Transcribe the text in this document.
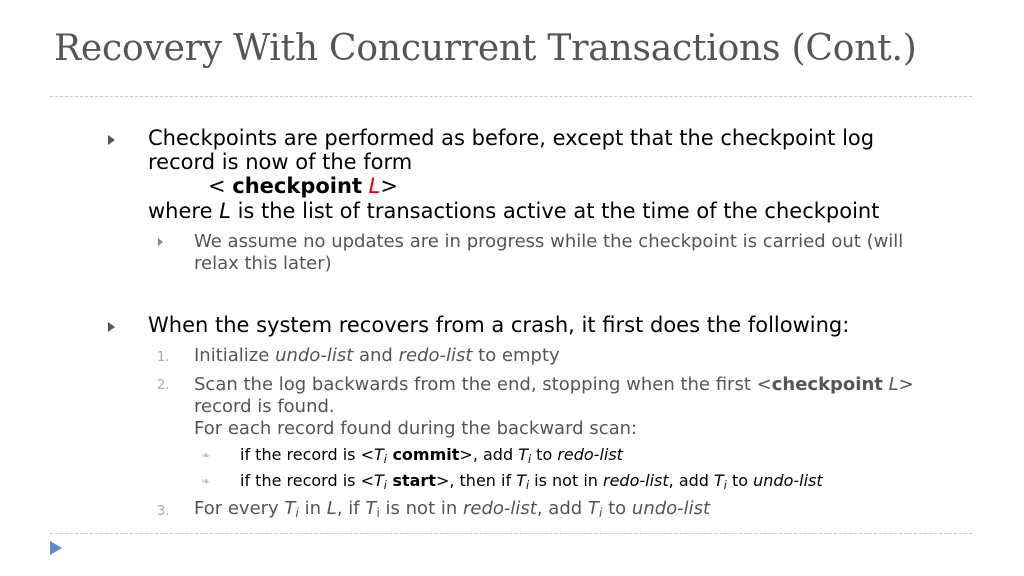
Recovery With Concurrent Transactions (Cont.)
Checkpoints are performed as before, except that the checkpoint log
record is now of the form
< checkpoint L>
where L is the list of transactions active at the time of the checkpoint
We assume no updates are in progress while the checkpoint is carried out (will
relax this later)
When the system recovers from a crash, it first does the following:
1. Initialize undo-list and redo-list to empty
2. Scan the log backwards from the end, stopping when the first <checkpoint L>
record is found.
For each record found during the backward scan:
❧ if the record is $<T_i$ commit>, add $T_i$ to redo-list
❧ if the record is $<T_i$ start>, then if $T_i$ is not in redo-list, add $T_i$ to undo-list
3. For every $T_i$ in L, if $T_i$ is not in redo-list, add $T_i$ to undo-list
